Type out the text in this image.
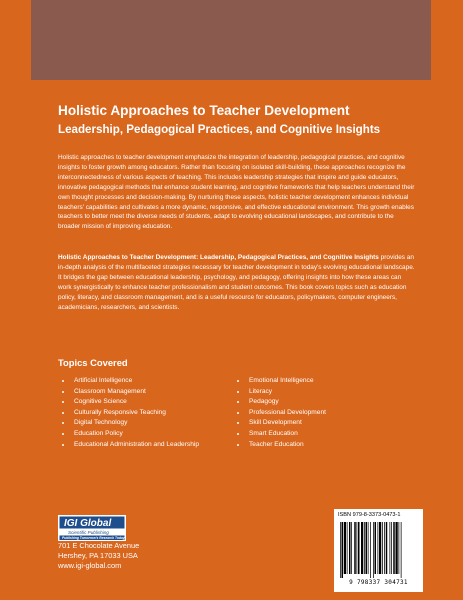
Holistic Approaches to Teacher Development
Leadership, Pedagogical Practices, and Cognitive Insights
Holistic approaches to teacher development emphasize the integration of leadership, pedagogical practices, and cognitive insights to foster growth among educators. Rather than focusing on isolated skill-building, these approaches recognize the interconnectedness of various aspects of teaching. This includes leadership strategies that inspire and guide educators, innovative pedagogical methods that enhance student learning, and cognitive frameworks that help teachers understand their own thought processes and decision-making. By nurturing these aspects, holistic teacher development enhances individual teachers' capabilities and cultivates a more dynamic, responsive, and effective educational environment. This growth enables teachers to better meet the diverse needs of students, adapt to evolving educational landscapes, and contribute to the broader mission of improving education.
Holistic Approaches to Teacher Development: Leadership, Pedagogical Practices, and Cognitive Insights provides an in-depth analysis of the multifaceted strategies necessary for teacher development in today's evolving educational landscape. It bridges the gap between educational leadership, psychology, and pedagogy, offering insights into how these areas can work synergistically to enhance teacher professionalism and student outcomes. This book covers topics such as education policy, literacy, and classroom management, and is a useful resource for educators, policymakers, computer engineers, academicians, researchers, and scientists.
Topics Covered
Artificial Intelligence
Classroom Management
Cognitive Science
Culturally Responsive Teaching
Digital Technology
Education Policy
Educational Administration and Leadership
Emotional Intelligence
Literacy
Pedagogy
Professional Development
Skill Development
Smart Education
Teacher Education
IGI Global
Scientific Publishing
Publishing Tomorrow's Research Today
701 E Chocolate Avenue
Hershey, PA 17033 USA
www.igi-global.com
ISBN 979-8-3373-0473-1
9 798337 304731
